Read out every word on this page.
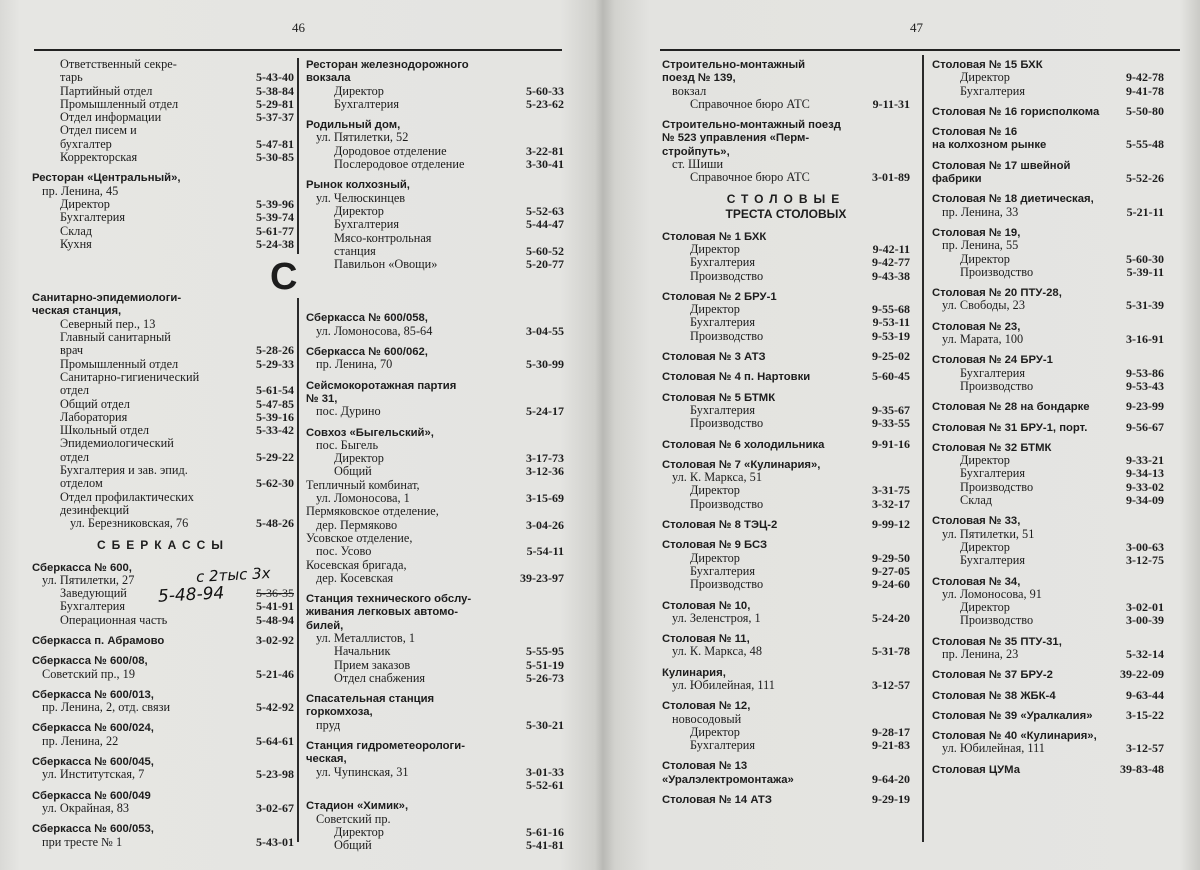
46	47
С
Ответственный секре-
тарь	5-43-40
Партийный отдел	5-38-84
Промышленный отдел	5-29-81
Отдел информации	5-37-37
Отдел писем и
бухгалтер	5-47-81
Корректорская	5-30-85
Ресторан «Центральный»,
пр. Ленина, 45
Директор	5-39-96
Бухгалтерия	5-39-74
Склад	5-61-77
Кухня	5-24-38
Санитарно-эпидемиологи-
ческая станция,
Северный пер., 13
Главный санитарный
врач	5-28-26
Промышленный отдел	5-29-33
Санитарно-гигиенический
отдел	5-61-54
Общий отдел	5-47-85
Лаборатория	5-39-16
Школьный отдел	5-33-42
Эпидемиологический
отдел	5-29-22
Бухгалтерия и зав. эпид.
отделом	5-62-30
Отдел профилактических
дезинфекций
ул. Березниковская, 76	5-48-26
СБЕРКАССЫ
Сберкасса № 600,
ул. Пятилетки, 27
Заведующий	5-36-35
Бухгалтерия	5-41-91
Операционная часть	5-48-94
Сберкасса п. Абрамово	3-02-92
Сберкасса № 600/08,
Советский пр., 19	5-21-46
Сберкасса № 600/013,
пр. Ленина, 2, отд. связи	5-42-92
Сберкасса № 600/024,
пр. Ленина, 22	5-64-61
Сберкасса № 600/045,
ул. Институтская, 7	5-23-98
Сберкасса № 600/049
ул. Окрайная, 83	3-02-67
Сберкасса № 600/053,
при тресте № 1	5-43-01
Ресторан железнодорожного
вокзала
Директор	5-60-33
Бухгалтерия	5-23-62
Родильный дом,
ул. Пятилетки, 52
Дородовое отделение	3-22-81
Послеродовое отделение	3-30-41
Рынок колхозный,
ул. Челюскинцев
Директор	5-52-63
Бухгалтерия	5-44-47
Мясо-контрольная
станция	5-60-52
Павильон «Овощи»	5-20-77
Сберкасса № 600/058,
ул. Ломоносова, 85-64	3-04-55
Сберкасса № 600/062,
пр. Ленина, 70	5-30-99
Сейсмокоротажная партия
№ 31,
пос. Дурино	5-24-17
Совхоз «Быгельский»,
пос. Быгель
Директор	3-17-73
Общий	3-12-36
Тепличный комбинат,
ул. Ломоносова, 1	3-15-69
Пермяковское отделение,
дер. Пермяково	3-04-26
Усовское отделение,
пос. Усово	5-54-11
Косевская бригада,
дер. Косевская	39-23-97
Станция технического обслу-
живания легковых автомо-
билей,
ул. Металлистов, 1
Начальник	5-55-95
Прием заказов	5-51-19
Отдел снабжения	5-26-73
Спасательная станция
горкомхоза,
пруд	5-30-21
Станция гидрометеорологи-
ческая,
ул. Чупинская, 31	3-01-33
5-52-61
Стадион «Химик»,
Советский пр.
Директор	5-61-16
Общий	5-41-81
Строительно-монтажный
поезд № 139,
вокзал
Справочное бюро АТС	9-11-31
Строительно-монтажный поезд
№ 523 управления «Перм-
стройпуть»,
ст. Шиши
Справочное бюро АТС	3-01-89
СТОЛОВЫЕ
ТРЕСТА СТОЛОВЫХ
Столовая № 1 БХК
Директор	9-42-11
Бухгалтерия	9-42-77
Производство	9-43-38
Столовая № 2 БРУ-1
Директор	9-55-68
Бухгалтерия	9-53-11
Производство	9-53-19
Столовая № 3 АТЗ	9-25-02
Столовая № 4 п. Нартовки	5-60-45
Столовая № 5 БТМК
Бухгалтерия	9-35-67
Производство	9-33-55
Столовая № 6 холодильника	9-91-16
Столовая № 7 «Кулинария»,
ул. К. Маркса, 51
Директор	3-31-75
Производство	3-32-17
Столовая № 8 ТЭЦ-2	9-99-12
Столовая № 9 БСЗ
Директор	9-29-50
Бухгалтерия	9-27-05
Производство	9-24-60
Столовая № 10,
ул. Зеленстроя, 1	5-24-20
Столовая № 11,
ул. К. Маркса, 48	5-31-78
Кулинария,
ул. Юбилейная, 111	3-12-57
Столовая № 12,
новосодовый
Директор	9-28-17
Бухгалтерия	9-21-83
Столовая № 13
«Уралэлектромонтажа»	9-64-20
Столовая № 14 АТЗ	9-29-19
Столовая № 15 БХК
Директор	9-42-78
Бухгалтерия	9-41-78
Столовая № 16 горисполкома 5-50-80
Столовая № 16
на колхозном рынке	5-55-48
Столовая № 17 швейной
фабрики	5-52-26
Столовая № 18 диетическая,
пр. Ленина, 33	5-21-11
Столовая № 19,
пр. Ленина, 55
Директор	5-60-30
Производство	5-39-11
Столовая № 20 ПТУ-28,
ул. Свободы, 23	5-31-39
Столовая № 23,
ул. Марата, 100	3-16-91
Столовая № 24 БРУ-1
Бухгалтерия	9-53-86
Производство	9-53-43
Столовая № 28 на бондарке	9-23-99
Столовая № 31 БРУ-1, порт.	9-56-67
Столовая № 32 БТМК
Директор	9-33-21
Бухгалтерия	9-34-13
Производство	9-33-02
Склад	9-34-09
Столовая № 33,
ул. Пятилетки, 51
Директор	3-00-63
Бухгалтерия	3-12-75
Столовая № 34,
ул. Ломоносова, 91
Директор	3-02-01
Производство	3-00-39
Столовая № 35 ПТУ-31,
пр. Ленина, 23	5-32-14
Столовая № 37 БРУ-2	39-22-09
Столовая № 38 ЖБК-4	9-63-44
Столовая № 39 «Уралкалия»	3-15-22
Столовая № 40 «Кулинария»,
ул. Юбилейная, 111	3-12-57
Столовая ЦУМа	39-83-48
с 2тыс 3х
5-48-94
